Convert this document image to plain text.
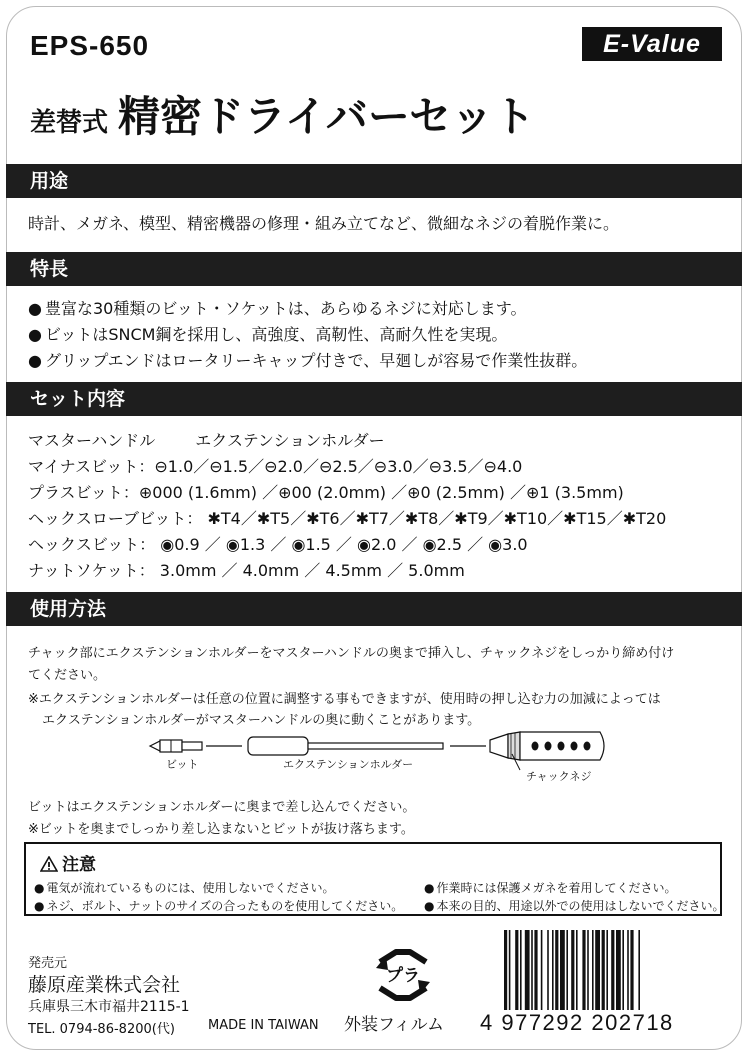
EPS-650	E-Value
差替式 精密ドライバーセット
用途
時計、メガネ、模型、精密機器の修理・組み立てなど、微細なネジの着脱作業に。
特長
● 豊富な30種類のビット・ソケットは、あらゆるネジに対応します。
● ビットはSNCM鋼を採用し、高強度、高靭性、高耐久性を実現。
● グリップエンドはロータリーキャップ付きで、早廻しが容易で作業性抜群。
セット内容
マスターハンドル	エクステンションホルダー
マイナスビット：⊖1.0／⊖1.5／⊖2.0／⊖2.5／⊖3.0／⊖3.5／⊖4.0
プラスビット：⊕000 (1.6mm) ／⊕00 (2.0mm) ／⊕0 (2.5mm) ／⊕1 (3.5mm)
ヘックスローブビット： ✱T4／✱T5／✱T6／✱T7／✱T8／✱T9／✱T10／✱T15／✱T20
ヘックスビット： ◉0.9 ／ ◉1.3 ／ ◉1.5 ／ ◉2.0 ／ ◉2.5 ／ ◉3.0
ナットソケット： 3.0mm ／ 4.0mm ／ 4.5mm ／ 5.0mm
使用方法
チャック部にエクステンションホルダーをマスターハンドルの奥まで挿入し、チャックネジをしっかり締め付け
てください。
※エクステンションホルダーは任意の位置に調整する事もできますが、使用時の押し込む力の加減によっては
エクステンションホルダーがマスターハンドルの奥に動くことがあります。
ビット	エクステンションホルダー
チャックネジ
ビットはエクステンションホルダーに奥まで差し込んでください。
※ビットを奥までしっかり差し込まないとビットが抜け落ちます。
注意
● 電気が流れているものには、使用しないでください。	● 作業時には保護メガネを着用してください。
● ネジ、ボルト、ナットのサイズの合ったものを使用してください。	● 本来の目的、用途以外での使用はしないでください。
発売元
藤原産業株式会社
兵庫県三木市福井2115-1
TEL. 0794-86-8200(代)	MADE IN TAIWAN
プラ
外装フィルム 4 977292 202718
